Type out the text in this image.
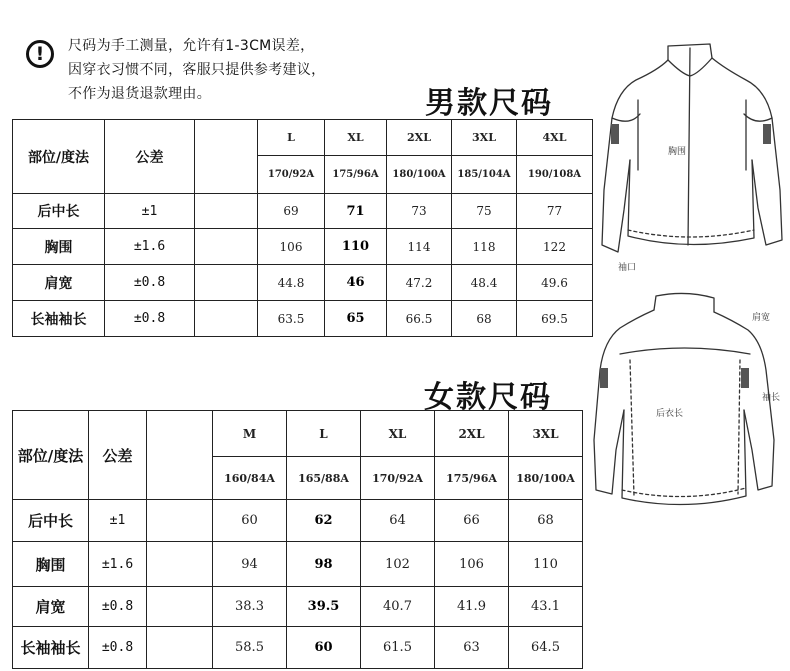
!	尺码为手工测量，允许有1-3CM误差，
因穿衣习惯不同，客服只提供参考建议，
不作为退货退款理由。	男款尺码
部位/度法	公差		L	XL	2XL	3XL	4XL
			170/92A	175/96A	180/100A	185/104A	190/108A
后中长	±1		69	71	73	75	77
胸围	±1.6		106	110	114	118	122
肩宽	±0.8		44.8	46	47.2	48.4	49.6
长袖袖长	±0.8		63.5	65	66.5	68	69.5
女款尺码
部位/度法	公差		M	L	XL	2XL	3XL
			160/84A	165/88A	170/92A	175/96A	180/100A
后中长	±1		60	62	64	66	68
胸围	±1.6		94	98	102	106	110
肩宽	±0.8		38.3	39.5	40.7	41.9	43.1
长袖袖长	±0.8		58.5	60	61.5	63	64.5
胸围
袖口
肩宽
袖长
后衣长
